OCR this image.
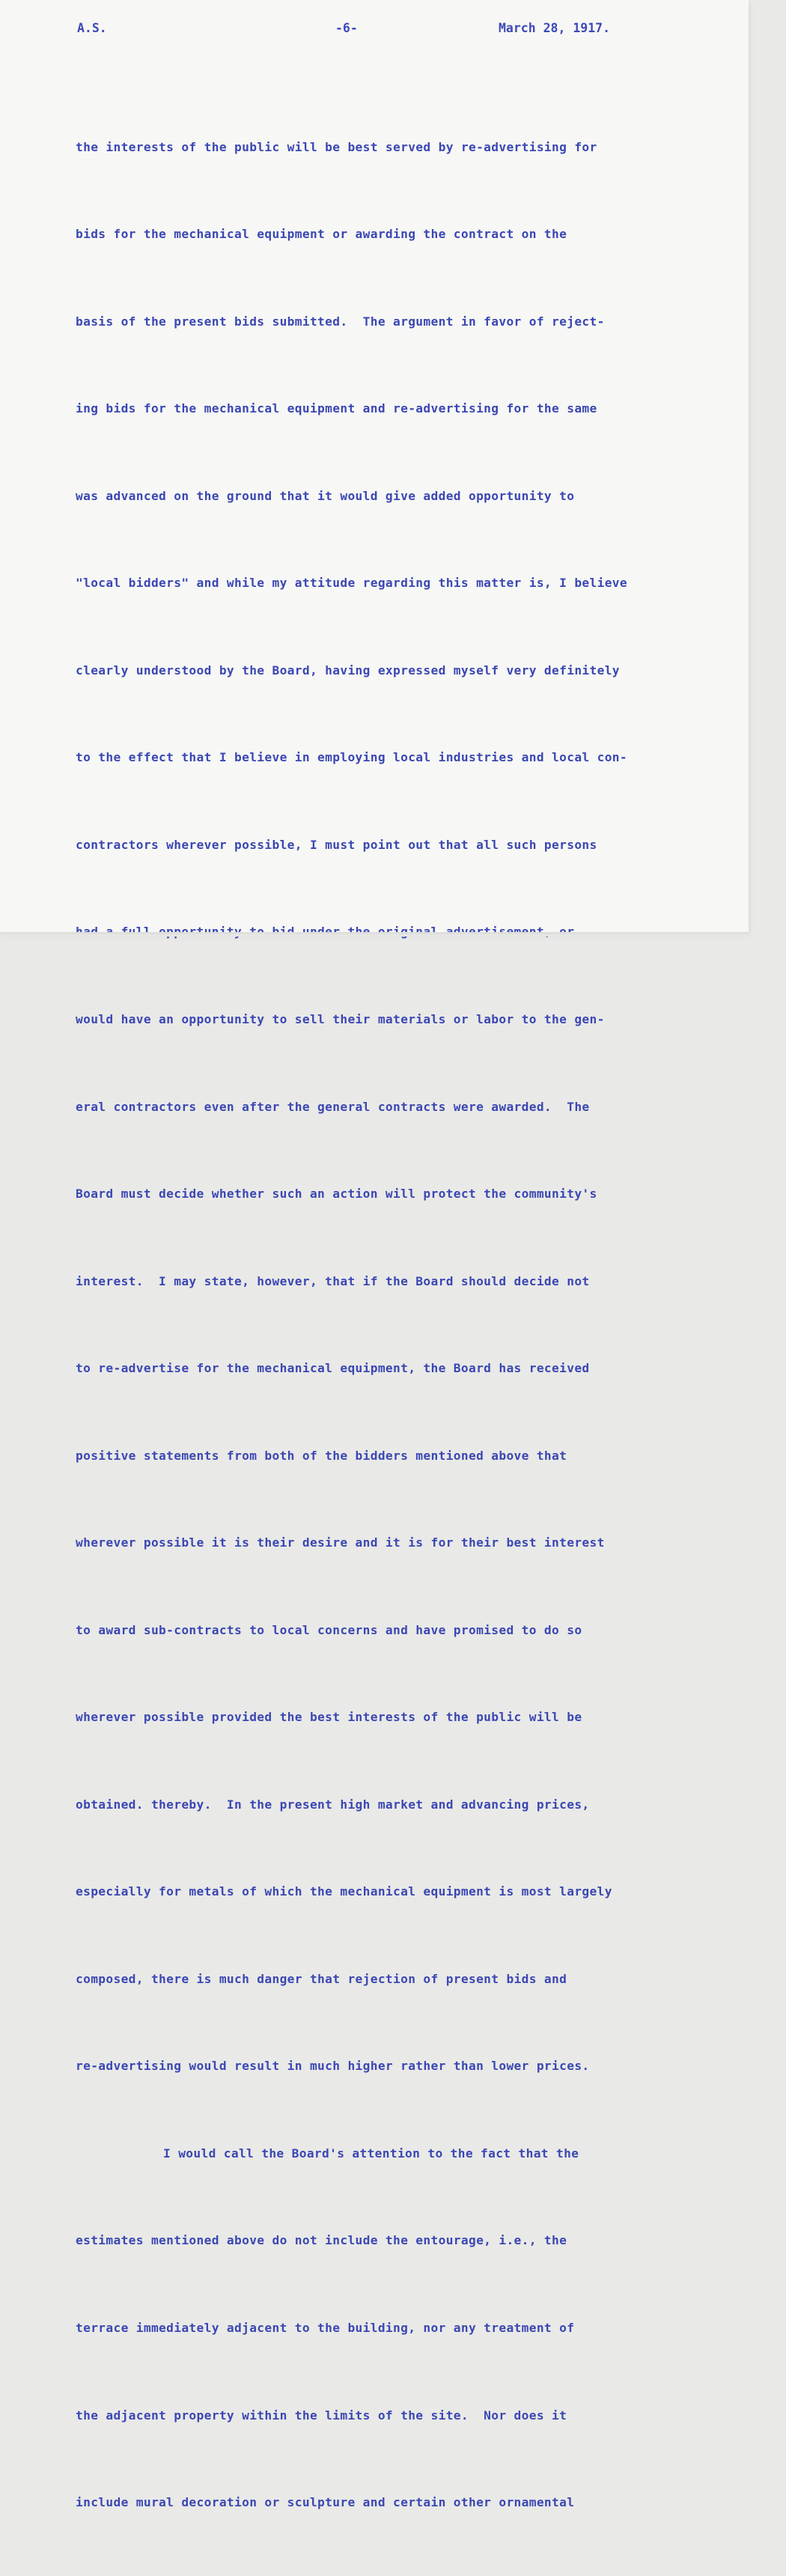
A.S.	-6-	March 28, 1917.

the interests of the public will be best served by re-advertising for

bids for the mechanical equipment or awarding the contract on the

basis of the present bids submitted.  The argument in favor of reject-

ing bids for the mechanical equipment and re-advertising for the same

was advanced on the ground that it would give added opportunity to

"local bidders" and while my attitude regarding this matter is, I believe

clearly understood by the Board, having expressed myself very definitely

to the effect that I believe in employing local industries and local con-

contractors wherever possible, I must point out that all such persons

would have an opportunity to sell their materials or labor to the gen-

eral contractors even after the general contracts were awarded.  The

Board must decide whether such an action will protect the community's

interest.  I may state, however, that if the Board should decide not

to re-advertise for the mechanical equipment, the Board has received

positive statements from both of the bidders mentioned above that

wherever possible it is their desire and it is for their best interest

to award sub-contracts to local concerns and have promised to do so

wherever possible provided the best interests of the public will be

obtained. thereby.  In the present high market and advancing prices,

especially for metals of which the mechanical equipment is most largely

composed, there is much danger that rejection of present bids and

re-advertising would result in much higher rather than lower prices.

I would call the Board's attention to the fact that the

estimates mentioned above do not include the entourage, i.e., the

terrace immediately adjacent to the building, nor any treatment of

the adjacent property within the limits of the site.  Nor does it

include mural decoration or sculpture and certain other ornamental
